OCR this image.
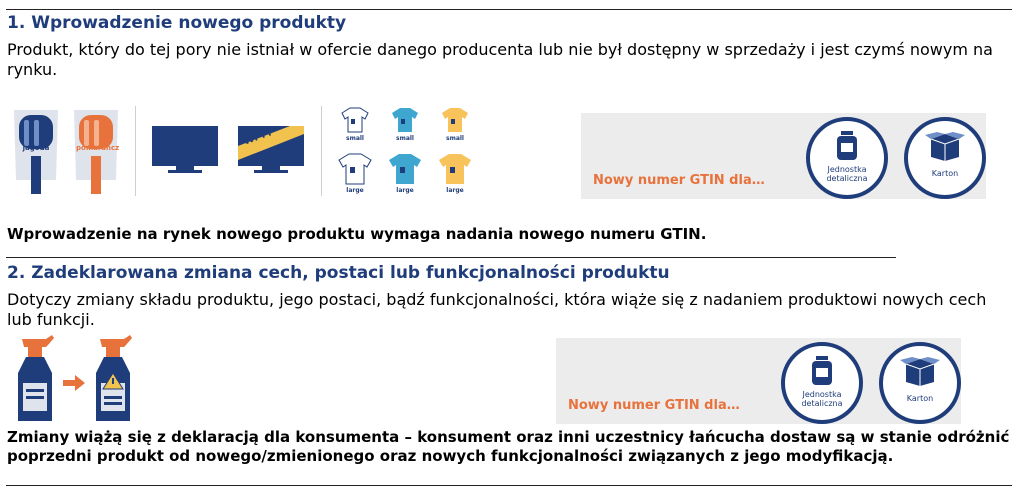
1. Wprowadzenie nowego produkty

Produkt, który do tej pory nie istniał w ofercie danego producenta lub nie był dostępny w sprzedaży i jest czymś nowym na rynku.

jagoda	pomarańcz
Wi-Fi	small	small	small
large	large	large
Nowy numer GTIN dla…
Jednostka detaliczna
Karton

Wprowadzenie na rynek nowego produktu wymaga nadania nowego numeru GTIN.

2. Zadeklarowana zmiana cech, postaci lub funkcjonalności produktu

Dotyczy zmiany składu produktu, jego postaci, bądź funkcjonalności, która wiąże się z nadaniem produktowi nowych cech lub funkcji.

Nowy numer GTIN dla…
Jednostka detaliczna
Karton

Zmiany wiążą się z deklaracją dla konsumenta – konsument oraz inni uczestnicy łańcucha dostaw są w stanie odróżnić poprzedni produkt od nowego/zmienionego oraz nowych funkcjonalności związanych z jego modyfikacją.
